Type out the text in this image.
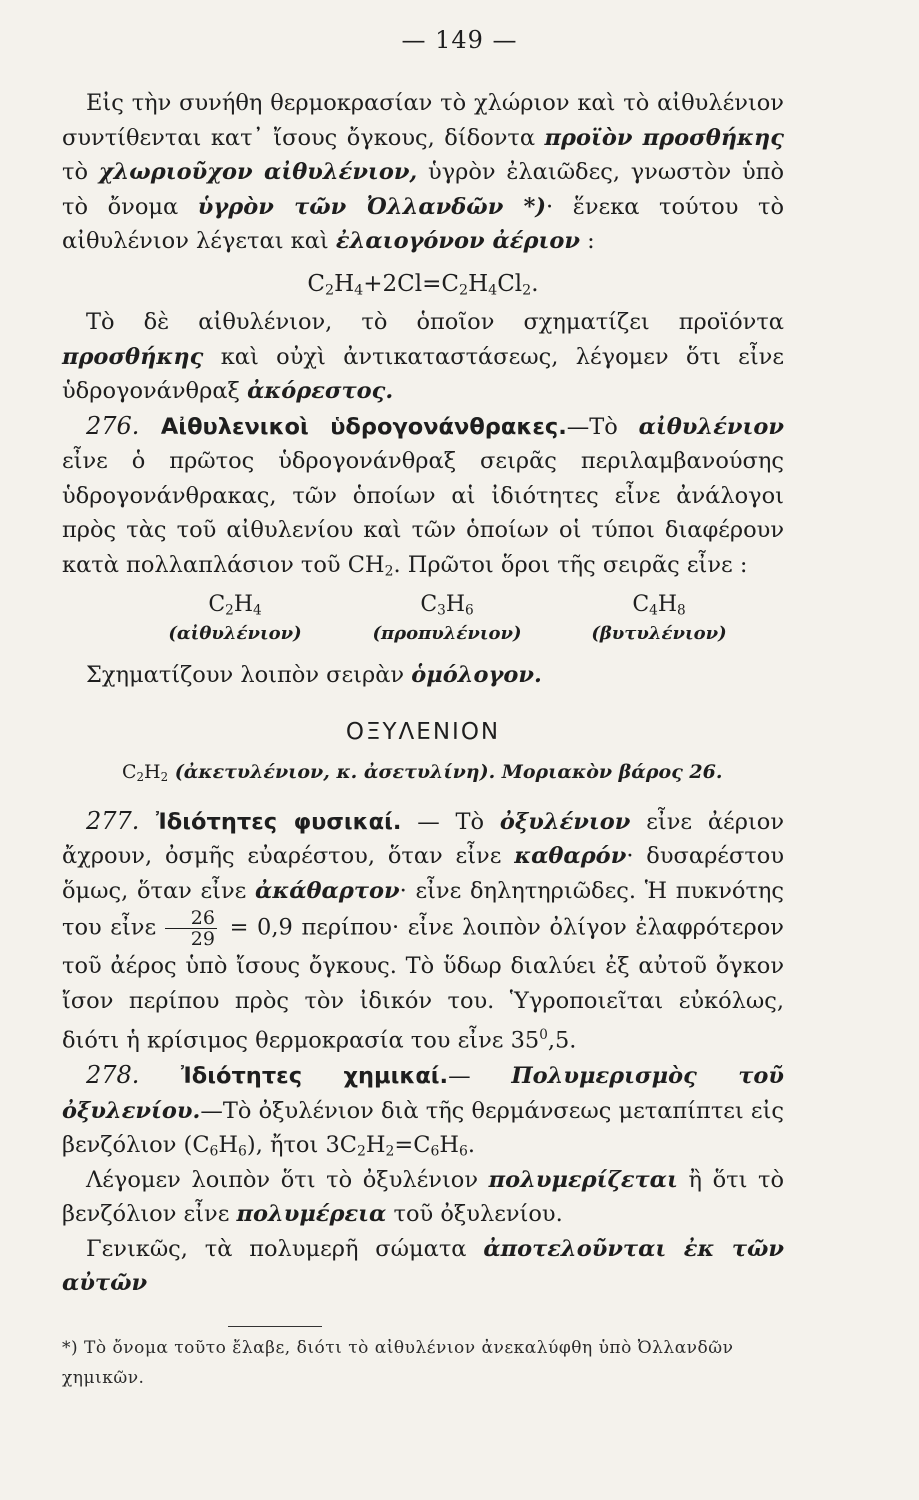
— 149 —

Εἰς τὴν συνήθη θερμοκρασίαν τὸ χλώριον καὶ τὸ αἰθυλένιον συντίθενται κατ᾽ ἴσους ὄγκους, δίδοντα προϊὸν προσθήκης τὸ χλωριοῦχον αἰθυλένιον, ὑγρὸν ἐλαιῶδες, γνωστὸν ὑπὸ τὸ ὄνομα ὑγρὸν τῶν Ὀλλανδῶν *)· ἕνεκα τούτου τὸ αἰθυλένιον λέγεται καὶ ἐλαιογόνον ἀέριον :

$C_2H_4+2Cl=C_2H_4Cl_2$.

Τὸ δὲ αἰθυλένιον, τὸ ὁποῖον σχηματίζει προϊόντα προσθήκης καὶ οὐχὶ ἀντικαταστάσεως, λέγομεν ὅτι εἶνε ὑδρογονάνθραξ ἀκόρεστος.

276. Αἰθυλενικοὶ ὑδρογονάνθρακες.—Τὸ αἰθυλένιον εἶνε ὁ πρῶτος ὑδρογονάνθραξ σειρᾶς περιλαμβανούσης ὑδρογονάνθρακας, τῶν ὁποίων αἱ ἰδιότητες εἶνε ἀνάλογοι πρὸς τὰς τοῦ αἰθυλενίου καὶ τῶν ὁποίων οἱ τύποι διαφέρουν κατὰ πολλαπλάσιον τοῦ $CH_2$. Πρῶτοι ὅροι τῆς σειρᾶς εἶνε :

$C_2H_4$
(αἰθυλένιον)
$C_3H_6$
(προπυλένιον)
$C_4H_8$
(βυτυλένιον)

Σχηματίζουν λοιπὸν σειρὰν ὁμόλογον.

ΟΞΥΛΕΝΙΟΝ
$C_2H_2$ (ἀκετυλένιον, κ. ἀσετυλίνη). Μοριακὸν βάρος 26.

277. Ἰδιότητες φυσικαί. — Τὸ ὀξυλένιον εἶνε ἀέριον ἄχρουν, ὀσμῆς εὐαρέστου, ὅταν εἶνε καθαρόν· δυσαρέστου ὅμως, ὅταν εἶνε ἀκάθαρτον· εἶνε δηλητηριῶδες. Ἡ πυκνότης του εἶνε $\frac{26}{29} = 0,9$ περίπου· εἶνε λοιπὸν ὀλίγον ἐλαφρότερον τοῦ ἀέρος ὑπὸ ἴσους ὄγκους. Τὸ ὕδωρ διαλύει ἐξ αὐτοῦ ὄγκον ἴσον περίπου πρὸς τὸν ἰδικόν του. Ὑγροποιεῖται εὐκόλως, διότι ἡ κρίσιμος θερμοκρασία του εἶνε $35^0,5$.

278. Ἰδιότητες χημικαί.— Πολυμερισμὸς τοῦ ὀξυλενίου.—Τὸ ὀξυλένιον διὰ τῆς θερμάνσεως μεταπίπτει εἰς βενζόλιον $(C_6H_6)$, ἤτοι $3C_2H_2=C_6H_6$.

Λέγομεν λοιπὸν ὅτι τὸ ὀξυλένιον πολυμερίζεται ἢ ὅτι τὸ βενζόλιον εἶνε πολυμέρεια τοῦ ὀξυλενίου.

Γενικῶς, τὰ πολυμερῆ σώματα ἀποτελοῦνται ἐκ τῶν αὐτῶν

*) Τὸ ὄνομα τοῦτο ἔλαβε, διότι τὸ αἰθυλένιον ἀνεκαλύφθη ὑπὸ Ὀλλανδῶν χημικῶν.
